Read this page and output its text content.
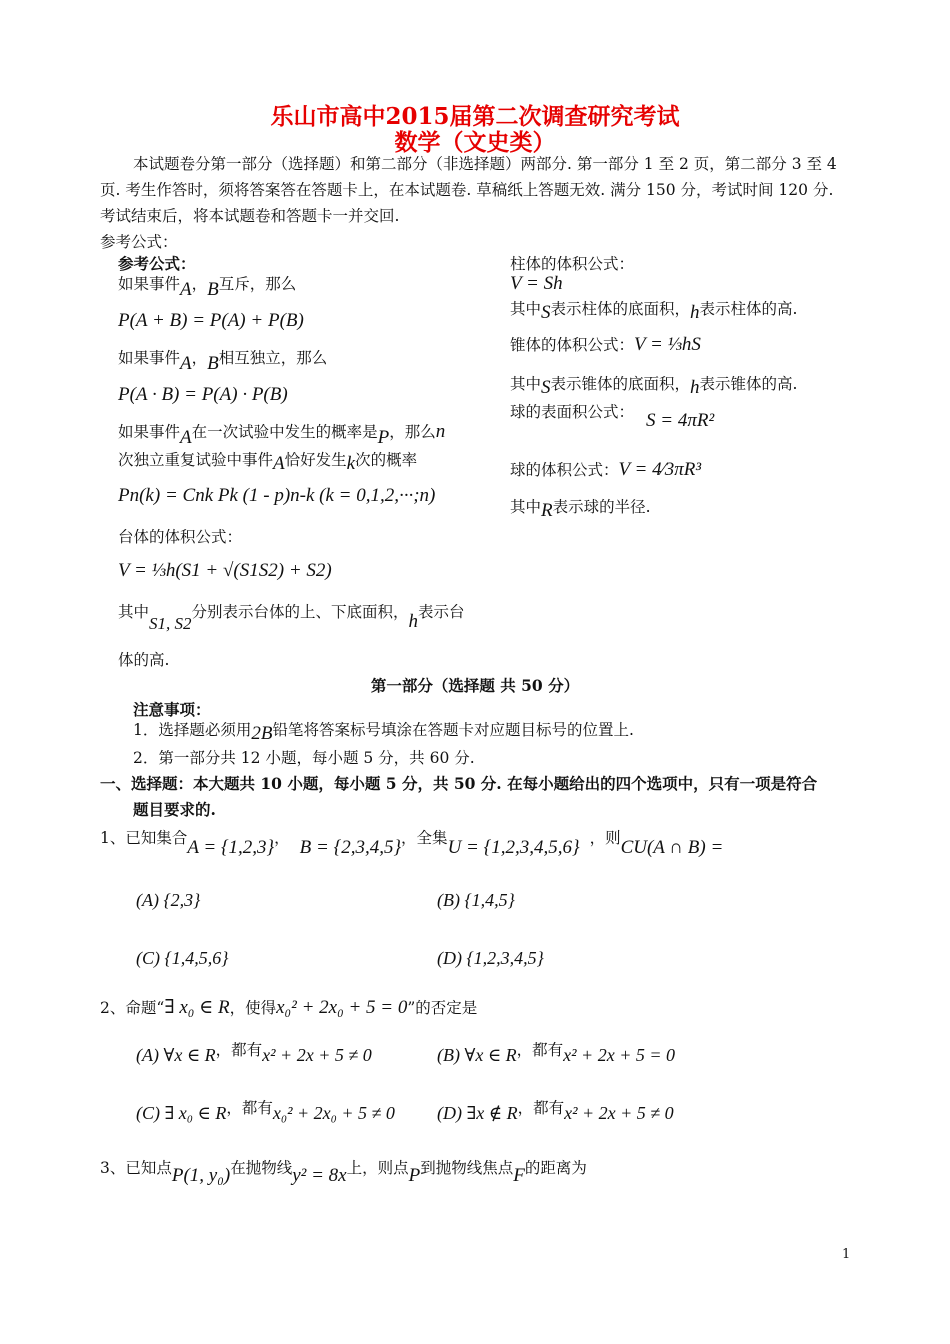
乐山市高中2015届第二次调查研究考试
数学（文史类）
本试题卷分第一部分（选择题）和第二部分（非选择题）两部分. 第一部分 1 至 2 页，第二部分 3 至 4
页. 考生作答时，须将答案答在答题卡上，在本试题卷. 草稿纸上答题无效. 满分 150 分，考试时间 120 分.
考试结束后，将本试题卷和答题卡一并交回.
参考公式：
参考公式：
如果事件A，B互斥，那么
P(A + B) = P(A) + P(B)
如果事件A，B相互独立，那么
P(A · B) = P(A) · P(B)
如果事件A在一次试验中发生的概率是P，那么n
次独立重复试验中事件A恰好发生k次的概率
Pn(k) = Cnk Pk (1 - p)n-k (k = 0,1,2,···;n)
台体的体积公式：
V = ⅓h(S1 + √(S1S2) + S2)
其中S1, S2分别表示台体的上、下底面积，h表示台
体的高.
柱体的体积公式：
V = Sh
其中S表示柱体的底面积，h表示柱体的高.
锥体的体积公式：V = ⅓hS
其中S表示锥体的底面积，h表示锥体的高.
球的表面积公式： S = 4πR²
球的体积公式：V = 4⁄3πR³
其中R表示球的半径.
第一部分（选择题 共 50 分）
注意事项：
1．选择题必须用2B铅笔将答案标号填涂在答题卡对应题目标号的位置上.
2．第一部分共 12 小题，每小题 5 分，共 60 分.
一、选择题：本大题共 10 小题，每小题 5 分，共 50 分. 在每小题给出的四个选项中，只有一项是符合
题目要求的.
1、已知集合A = {1,2,3}， B = {2,3,4,5}，全集U = {1,2,3,4,5,6} ，则CU(A ∩ B) =
(A) {2,3}	(B) {1,4,5}
(C) {1,4,5,6}	(D) {1,2,3,4,5}
2、命题“∃ x₀ ∈ R，使得x₀² + 2x₀ + 5 = 0”的否定是
(A) ∀x ∈ R，都有x² + 2x + 5 ≠ 0	(B) ∀x ∈ R，都有x² + 2x + 5 = 0
(C) ∃ x₀ ∈ R，都有x₀² + 2x₀ + 5 ≠ 0 (D) ∃x ∉ R，都有x² + 2x + 5 ≠ 0
3、已知点P(1, y₀)在抛物线y² = 8x上，则点P到抛物线焦点F的距离为
1
